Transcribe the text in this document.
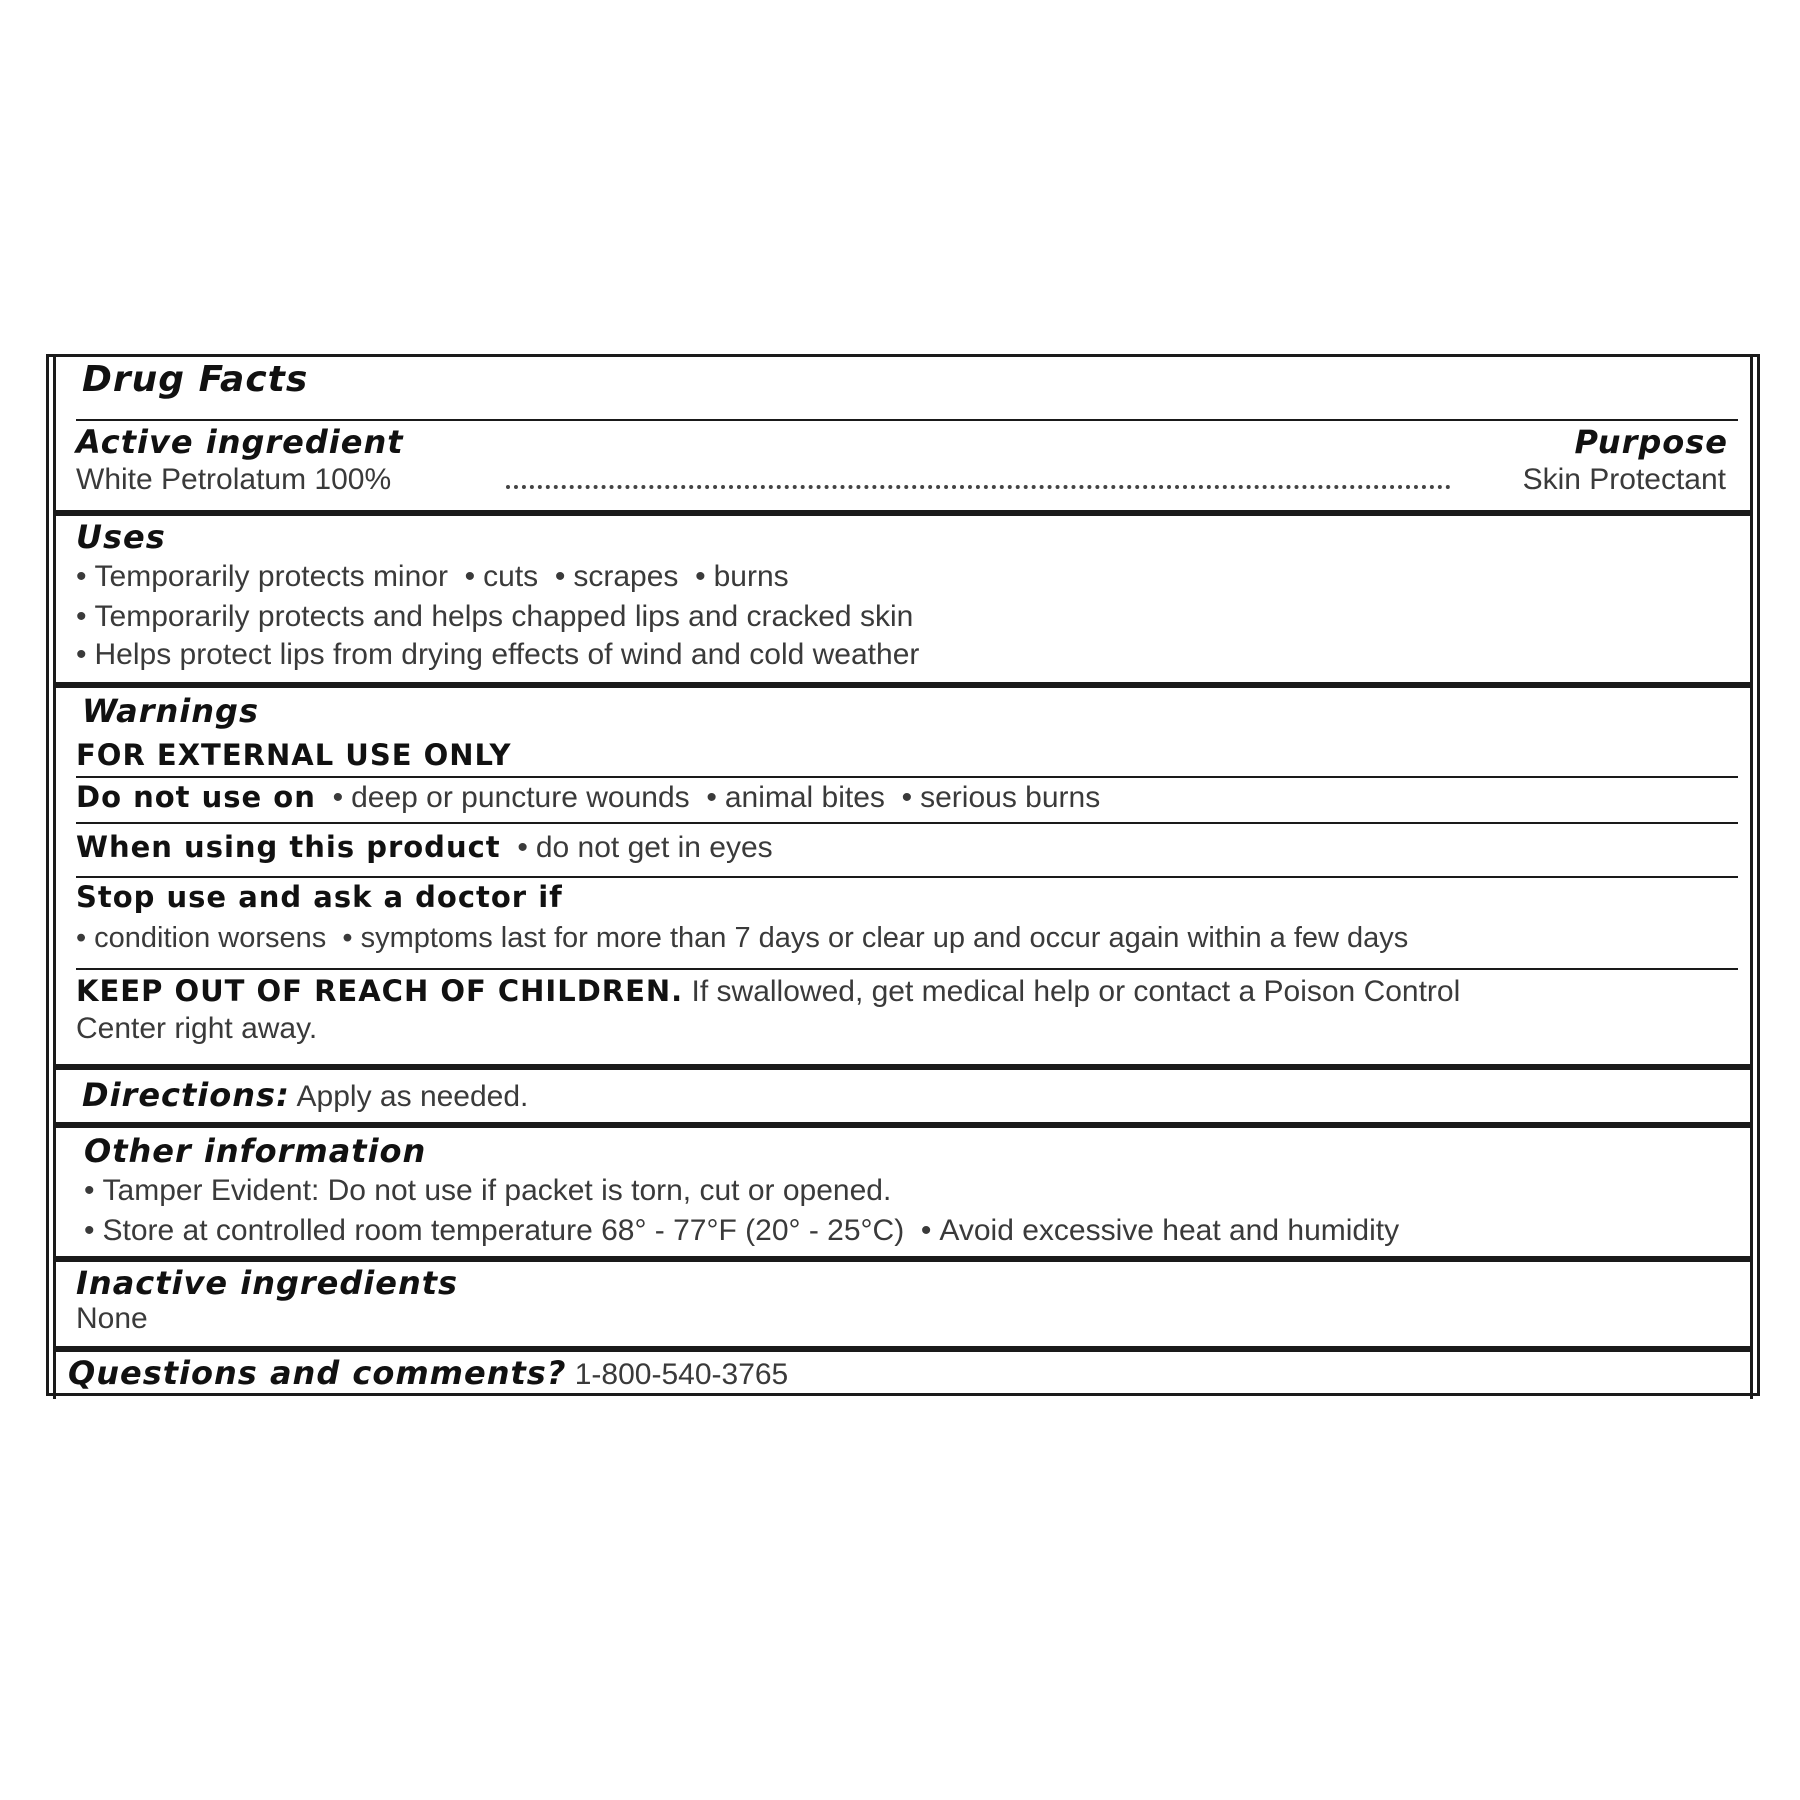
Drug Facts
Active ingredient	Purpose
White Petrolatum 100%	Skin Protectant
Uses
• Temporarily protects minor • cuts • scrapes • burns
• Temporarily protects and helps chapped lips and cracked skin
• Helps protect lips from drying effects of wind and cold weather
Warnings
FOR EXTERNAL USE ONLY
Do not use on • deep or puncture wounds • animal bites • serious burns
When using this product • do not get in eyes
Stop use and ask a doctor if
• condition worsens • symptoms last for more than 7 days or clear up and occur again within a few days
KEEP OUT OF REACH OF CHILDREN. If swallowed, get medical help or contact a Poison Control
Center right away.
Directions: Apply as needed.
Other information
• Tamper Evident: Do not use if packet is torn, cut or opened.
• Store at controlled room temperature 68° - 77°F (20° - 25°C) • Avoid excessive heat and humidity
Inactive ingredients
None
Questions and comments? 1-800-540-3765
